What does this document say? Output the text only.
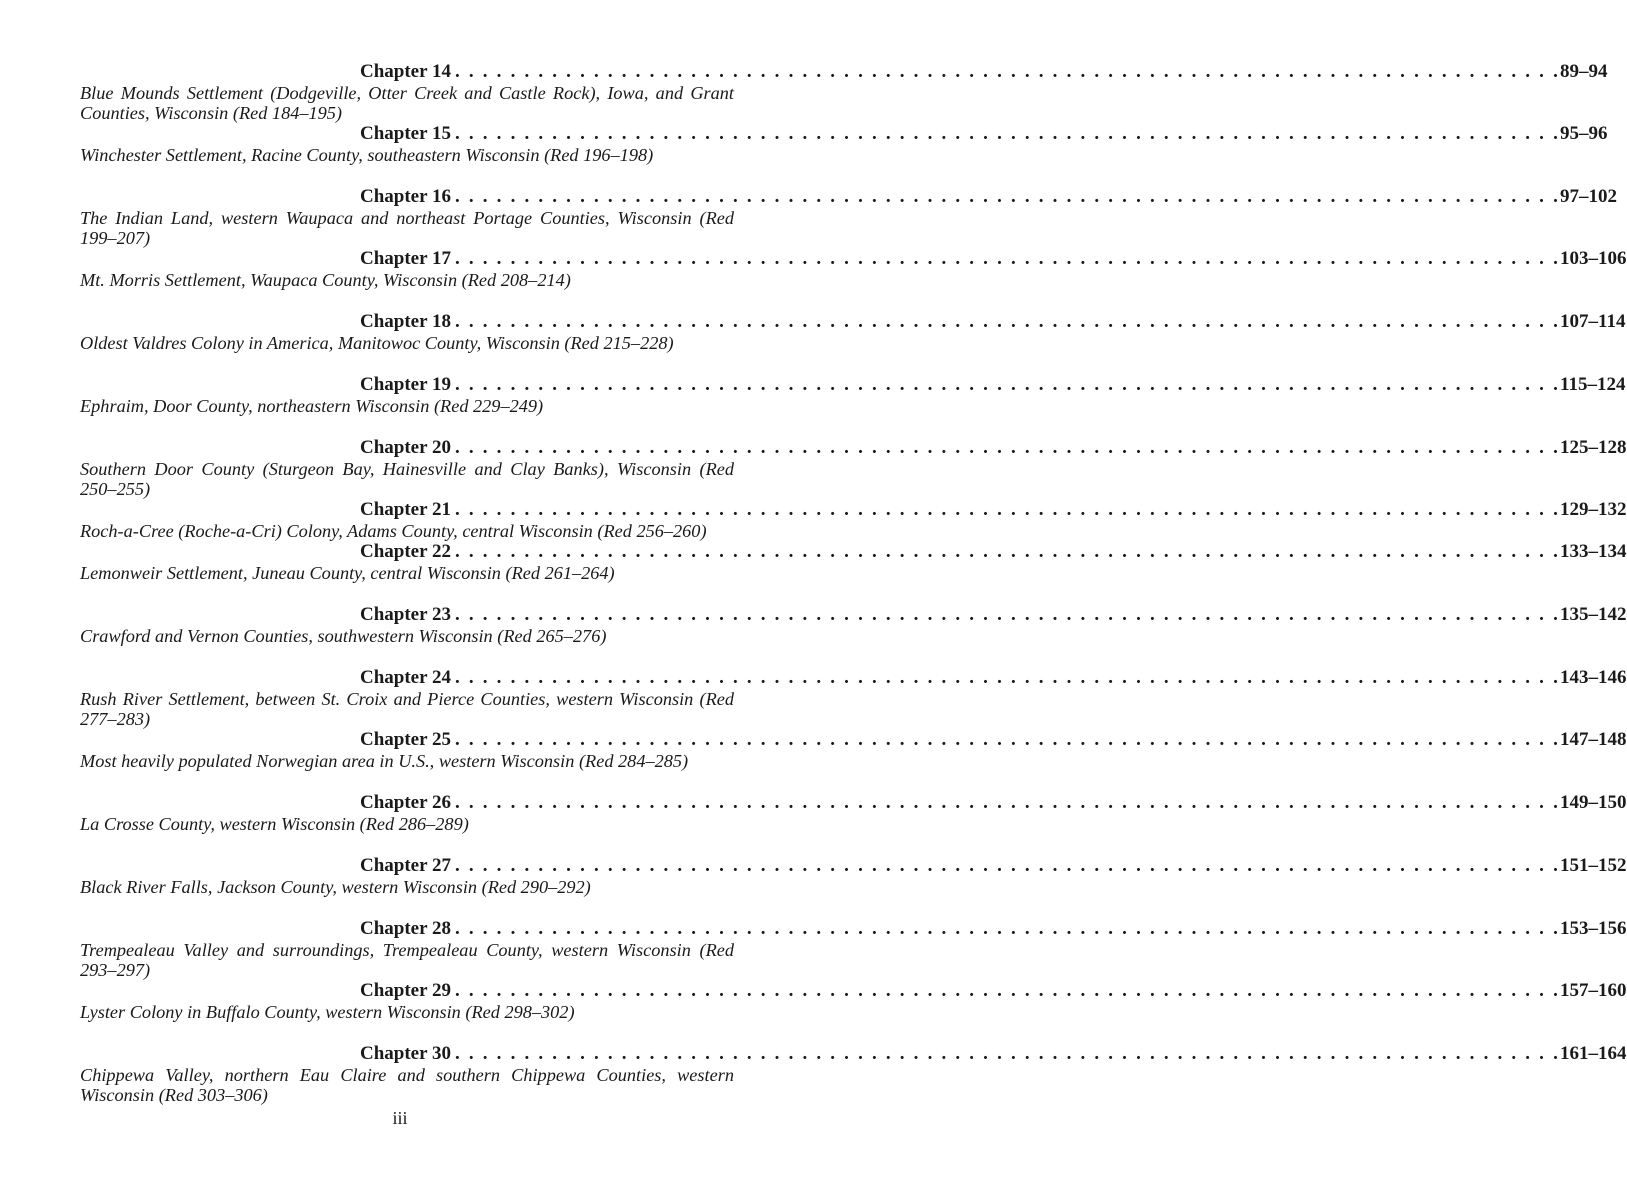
Chapter 14 . . . . . . . . . . . . . . . . . . . . . . . . . . . . . . . . . . . . . . . . . . . . . . . . . . . . . . . . . . . . . . . . . . . . . . . . . . . . . . . . 89–94
Blue Mounds Settlement (Dodgeville, Otter Creek and Castle Rock), Iowa, and Grant Counties, Wisconsin (Red 184–195)
Chapter 15 . . . . . . . . . . . . . . . . . . . . . . . . . . . . . . . . . . . . . . . . . . . . . . . . . . . . . . . . . . . . . . . . . . . . . . . . . . . . . . . . 95–96
Winchester Settlement, Racine County, southeastern Wisconsin (Red 196–198)
Chapter 16 . . . . . . . . . . . . . . . . . . . . . . . . . . . . . . . . . . . . . . . . . . . . . . . . . . . . . . . . . . . . . . . . . . . . . . . . . . . . . . . . 97–102
The Indian Land, western Waupaca and northeast Portage Counties, Wisconsin (Red 199–207)
Chapter 17 . . . . . . . . . . . . . . . . . . . . . . . . . . . . . . . . . . . . . . . . . . . . . . . . . . . . . . . . . . . . . . . . . . . . . . . . . . . . . . . . 103–106
Mt. Morris Settlement, Waupaca County, Wisconsin (Red 208–214)
Chapter 18 . . . . . . . . . . . . . . . . . . . . . . . . . . . . . . . . . . . . . . . . . . . . . . . . . . . . . . . . . . . . . . . . . . . . . . . . . . . . . . . . 107–114
Oldest Valdres Colony in America, Manitowoc County, Wisconsin (Red 215–228)
Chapter 19 . . . . . . . . . . . . . . . . . . . . . . . . . . . . . . . . . . . . . . . . . . . . . . . . . . . . . . . . . . . . . . . . . . . . . . . . . . . . . . . . 115–124
Ephraim, Door County, northeastern Wisconsin (Red 229–249)
Chapter 20 . . . . . . . . . . . . . . . . . . . . . . . . . . . . . . . . . . . . . . . . . . . . . . . . . . . . . . . . . . . . . . . . . . . . . . . . . . . . . . . . 125–128
Southern Door County (Sturgeon Bay, Hainesville and Clay Banks), Wisconsin (Red 250–255)
Chapter 21 . . . . . . . . . . . . . . . . . . . . . . . . . . . . . . . . . . . . . . . . . . . . . . . . . . . . . . . . . . . . . . . . . . . . . . . . . . . . . . . . 129–132
Roch-a-Cree (Roche-a-Cri) Colony, Adams County, central Wisconsin (Red 256–260)
Chapter 22 . . . . . . . . . . . . . . . . . . . . . . . . . . . . . . . . . . . . . . . . . . . . . . . . . . . . . . . . . . . . . . . . . . . . . . . . . . . . . . . . 133–134
Lemonweir Settlement, Juneau County, central Wisconsin (Red 261–264)
Chapter 23 . . . . . . . . . . . . . . . . . . . . . . . . . . . . . . . . . . . . . . . . . . . . . . . . . . . . . . . . . . . . . . . . . . . . . . . . . . . . . . . . 135–142
Crawford and Vernon Counties, southwestern Wisconsin (Red 265–276)
Chapter 24 . . . . . . . . . . . . . . . . . . . . . . . . . . . . . . . . . . . . . . . . . . . . . . . . . . . . . . . . . . . . . . . . . . . . . . . . . . . . . . . . 143–146
Rush River Settlement, between St. Croix and Pierce Counties, western Wisconsin (Red 277–283)
Chapter 25 . . . . . . . . . . . . . . . . . . . . . . . . . . . . . . . . . . . . . . . . . . . . . . . . . . . . . . . . . . . . . . . . . . . . . . . . . . . . . . . . 147–148
Most heavily populated Norwegian area in U.S., western Wisconsin (Red 284–285)
Chapter 26 . . . . . . . . . . . . . . . . . . . . . . . . . . . . . . . . . . . . . . . . . . . . . . . . . . . . . . . . . . . . . . . . . . . . . . . . . . . . . . . . 149–150
La Crosse County, western Wisconsin (Red 286–289)
Chapter 27 . . . . . . . . . . . . . . . . . . . . . . . . . . . . . . . . . . . . . . . . . . . . . . . . . . . . . . . . . . . . . . . . . . . . . . . . . . . . . . . . 151–152
Black River Falls, Jackson County, western Wisconsin (Red 290–292)
Chapter 28 . . . . . . . . . . . . . . . . . . . . . . . . . . . . . . . . . . . . . . . . . . . . . . . . . . . . . . . . . . . . . . . . . . . . . . . . . . . . . . . . 153–156
Trempealeau Valley and surroundings, Trempealeau County, western Wisconsin (Red 293–297)
Chapter 29 . . . . . . . . . . . . . . . . . . . . . . . . . . . . . . . . . . . . . . . . . . . . . . . . . . . . . . . . . . . . . . . . . . . . . . . . . . . . . . . . 157–160
Lyster Colony in Buffalo County, western Wisconsin (Red 298–302)
Chapter 30 . . . . . . . . . . . . . . . . . . . . . . . . . . . . . . . . . . . . . . . . . . . . . . . . . . . . . . . . . . . . . . . . . . . . . . . . . . . . . . . . 161–164
Chippewa Valley, northern Eau Claire and southern Chippewa Counties, western Wisconsin (Red 303–306)
iii
